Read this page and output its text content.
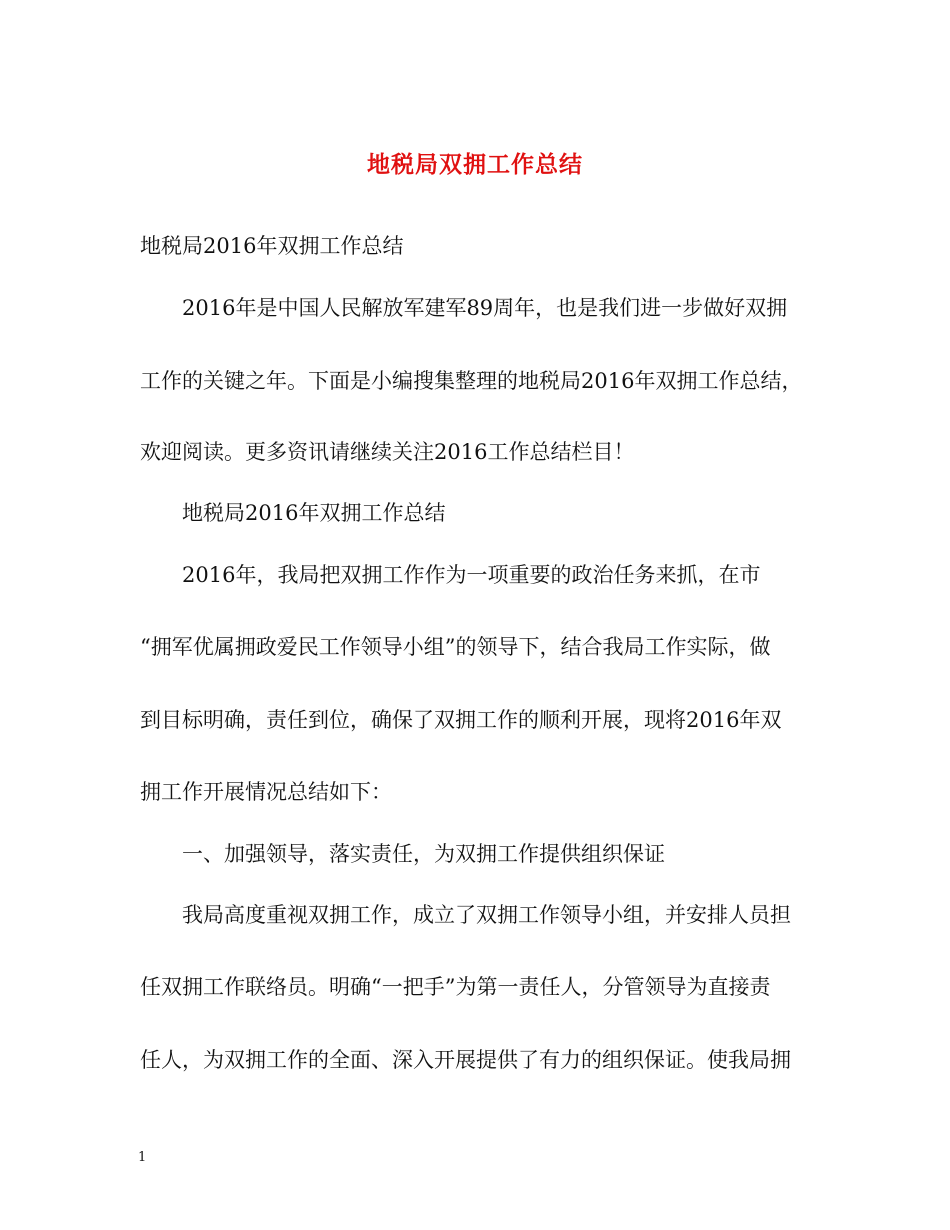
地税局双拥工作总结
地税局2016年双拥工作总结
2016年是中国人民解放军建军89周年，也是我们进一步做好双拥
工作的关键之年。下面是小编搜集整理的地税局2016年双拥工作总结，
欢迎阅读。更多资讯请继续关注2016工作总结栏目！
地税局2016年双拥工作总结
2016年，我局把双拥工作作为一项重要的政治任务来抓，在市
“拥军优属拥政爱民工作领导小组”的领导下，结合我局工作实际，做
到目标明确，责任到位，确保了双拥工作的顺利开展，现将2016年双
拥工作开展情况总结如下：
一、加强领导，落实责任，为双拥工作提供组织保证
我局高度重视双拥工作，成立了双拥工作领导小组，并安排人员担
任双拥工作联络员。明确“一把手”为第一责任人，分管领导为直接责
任人，为双拥工作的全面、深入开展提供了有力的组织保证。使我局拥
1
